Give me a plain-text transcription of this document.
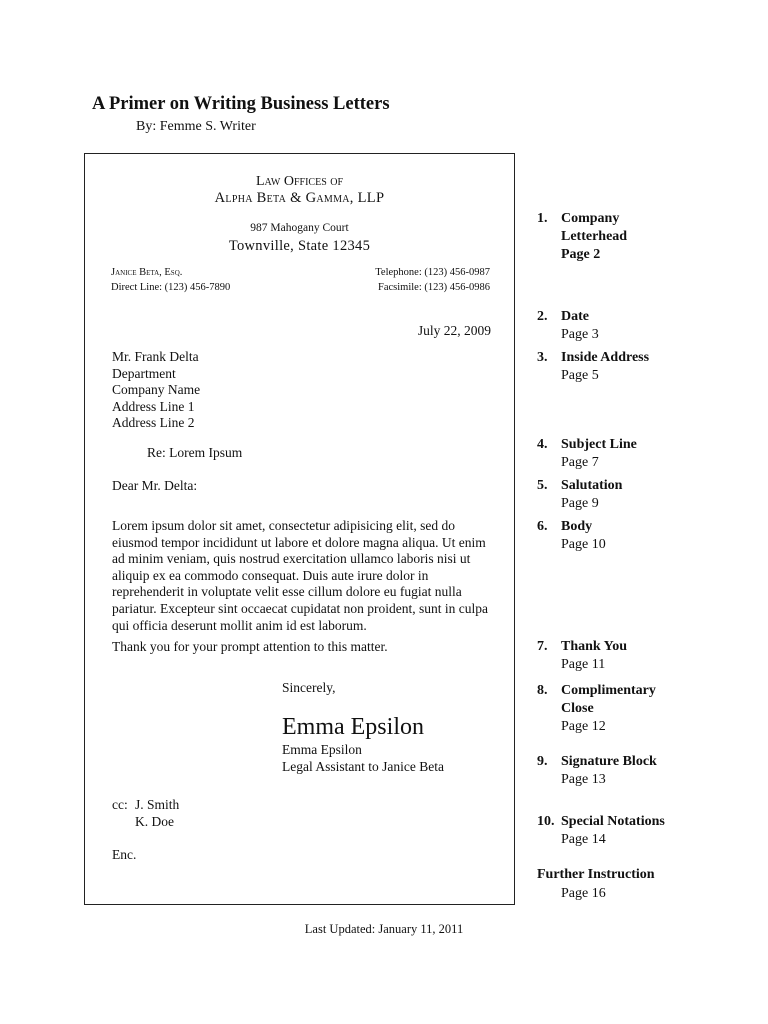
A Primer on Writing Business Letters
By: Femme S. Writer
Law Offices of
Alpha Beta & Gamma, LLP
987 Mahogany Court
Townville, State 12345
Janice Beta, Esq.
Direct Line: (123) 456-7890
Telephone: (123) 456-0987
Facsimile: (123) 456-0986
July 22, 2009
Mr. Frank Delta
Department
Company Name
Address Line 1
Address Line 2
Re: Lorem Ipsum
Dear Mr. Delta:
Lorem ipsum dolor sit amet, consectetur adipisicing elit, sed do eiusmod tempor incididunt ut labore et dolore magna aliqua. Ut enim ad minim veniam, quis nostrud exercitation ullamco laboris nisi ut aliquip ex ea commodo consequat. Duis aute irure dolor in reprehenderit in voluptate velit esse cillum dolore eu fugiat nulla pariatur. Excepteur sint occaecat cupidatat non proident, sunt in culpa qui officia deserunt mollit anim id est laborum.
Thank you for your prompt attention to this matter.
Sincerely,
Emma Epsilon
Emma Epsilon
Legal Assistant to Janice Beta
cc: J. Smith
K. Doe
Enc.
1. Company
Letterhead
Page 2
2. Date
Page 3
3. Inside Address
Page 5
4. Subject Line
Page 7
5. Salutation
Page 9
6. Body
Page 10
7. Thank You
Page 11
8. Complimentary
Close
Page 12
9. Signature Block
Page 13
10. Special Notations
Page 14
Further Instruction
Page 16
Last Updated: January 11, 2011
